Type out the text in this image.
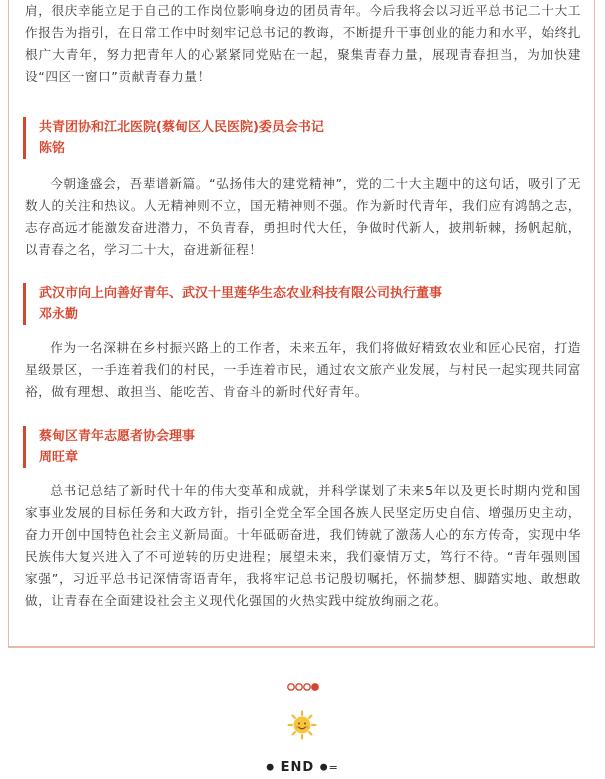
肩，很庆幸能立足于自己的工作岗位影响身边的团员青年。今后我将会以习近平总书记二十大工作报告为指引，在日常工作中时刻牢记总书记的教诲，不断提升干事创业的能力和水平，始终扎根广大青年，努力把青年人的心紧紧同党贴在一起，聚集青春力量，展现青春担当，为加快建设“四区一窗口”贡献青春力量！

共青团协和江北医院(蔡甸区人民医院)委员会书记
陈铭

今朝逢盛会，吾辈谱新篇。“弘扬伟大的建党精神”，党的二十大主题中的这句话，吸引了无数人的关注和热议。人无精神则不立，国无精神则不强。作为新时代青年，我们应有鸿鹄之志，志存高远才能激发奋进潜力，不负青春，勇担时代大任，争做时代新人，披荆斩棘，扬帆起航，以青春之名，学习二十大，奋进新征程！

武汉市向上向善好青年、武汉十里莲华生态农业科技有限公司执行董事
邓永勤

作为一名深耕在乡村振兴路上的工作者，未来五年，我们将做好精致农业和匠心民宿，打造星级景区，一手连着我们的村民，一手连着市民，通过农文旅产业发展，与村民一起实现共同富裕，做有理想、敢担当、能吃苦、肯奋斗的新时代好青年。

蔡甸区青年志愿者协会理事
周旺章

总书记总结了新时代十年的伟大变革和成就，并科学谋划了未来5年以及更长时期内党和国家事业发展的目标任务和大政方针，指引全党全军全国各族人民坚定历史自信、增强历史主动，奋力开创中国特色社会主义新局面。十年砥砺奋进，我们铸就了激荡人心的东方传奇，实现中华民族伟大复兴进入了不可逆转的历史进程；展望未来，我们豪情万丈，笃行不待。“青年强则国家强”，习近平总书记深情寄语青年，我将牢记总书记殷切嘱托，怀揣梦想、脚踏实地、敢想敢做，让青春在全面建设社会主义现代化强国的火热实践中绽放绚丽之花。

● END ●=
